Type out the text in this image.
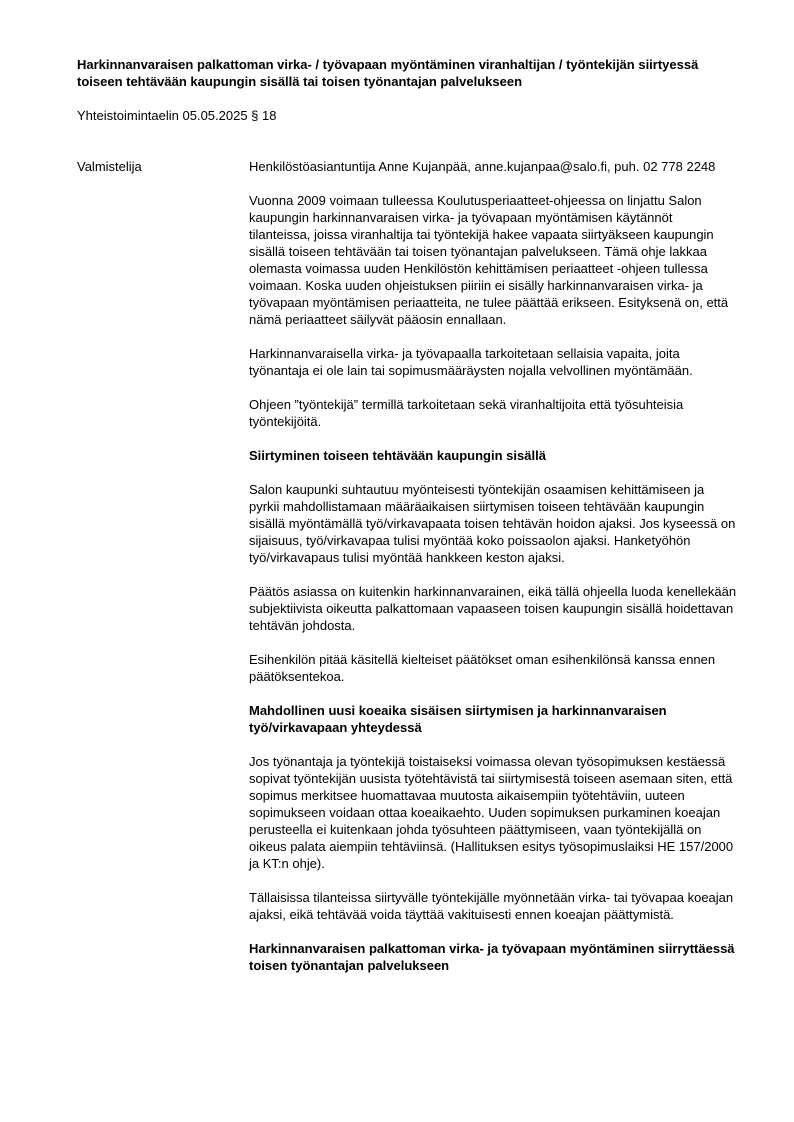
Harkinnanvaraisen palkattoman virka- / työvapaan myöntäminen viranhaltijan / työntekijän siirtyessä toiseen tehtävään kaupungin sisällä tai toisen työnantajan palvelukseen

Yhteistoimintaelin 05.05.2025 § 18

Valmistelija	Henkilöstöasiantuntija Anne Kujanpää, anne.kujanpaa@salo.fi, puh. 02 778 2248

Vuonna 2009 voimaan tulleessa Koulutusperiaatteet-ohjeessa on linjattu Salon kaupungin harkinnanvaraisen virka- ja työvapaan myöntämisen käytännöt tilanteissa, joissa viranhaltija tai työntekijä hakee vapaata siirtyäkseen kaupungin sisällä toiseen tehtävään tai toisen työnantajan palvelukseen. Tämä ohje lakkaa olemasta voimassa uuden Henkilöstön kehittämisen periaatteet -ohjeen tullessa voimaan. Koska uuden ohjeistuksen piiriin ei sisälly harkinnanvaraisen virka- ja työvapaan myöntämisen periaatteita, ne tulee päättää erikseen. Esityksenä on, että nämä periaatteet säilyvät pääosin ennallaan.

Harkinnanvaraisella virka- ja työvapaalla tarkoitetaan sellaisia vapaita, joita työnantaja ei ole lain tai sopimusmääräysten nojalla velvollinen myöntämään.

Ohjeen ”työntekijä” termillä tarkoitetaan sekä viranhaltijoita että työsuhteisia työntekijöitä.

Siirtyminen toiseen tehtävään kaupungin sisällä

Salon kaupunki suhtautuu myönteisesti työntekijän osaamisen kehittämiseen ja pyrkii mahdollistamaan määräaikaisen siirtymisen toiseen tehtävään kaupungin sisällä myöntämällä työ/virkavapaata toisen tehtävän hoidon ajaksi. Jos kyseessä on sijaisuus, työ/virkavapaa tulisi myöntää koko poissaolon ajaksi. Hanketyöhön työ/virkavapaus tulisi myöntää hankkeen keston ajaksi.

Päätös asiassa on kuitenkin harkinnanvarainen, eikä tällä ohjeella luoda kenellekään subjektiivista oikeutta palkattomaan vapaaseen toisen kaupungin sisällä hoidettavan tehtävän johdosta.

Esihenkilön pitää käsitellä kielteiset päätökset oman esihenkilönsä kanssa ennen päätöksentekoa.

Mahdollinen uusi koeaika sisäisen siirtymisen ja harkinnanvaraisen työ/virkavapaan yhteydessä

Jos työnantaja ja työntekijä toistaiseksi voimassa olevan työsopimuksen kestäessä sopivat työntekijän uusista työtehtävistä tai siirtymisestä toiseen asemaan siten, että sopimus merkitsee huomattavaa muutosta aikaisempiin työtehtäviin, uuteen sopimukseen voidaan ottaa koeaikaehto. Uuden sopimuksen purkaminen koeajan perusteella ei kuitenkaan johda työsuhteen päättymiseen, vaan työntekijällä on oikeus palata aiempiin tehtäviinsä. (Hallituksen esitys työsopimuslaiksi HE 157/2000 ja KT:n ohje).

Tällaisissa tilanteissa siirtyvälle työntekijälle myönnetään virka- tai työvapaa koeajan ajaksi, eikä tehtävää voida täyttää vakituisesti ennen koeajan päättymistä.

Harkinnanvaraisen palkattoman virka- ja työvapaan myöntäminen siirryttäessä toisen työnantajan palvelukseen
